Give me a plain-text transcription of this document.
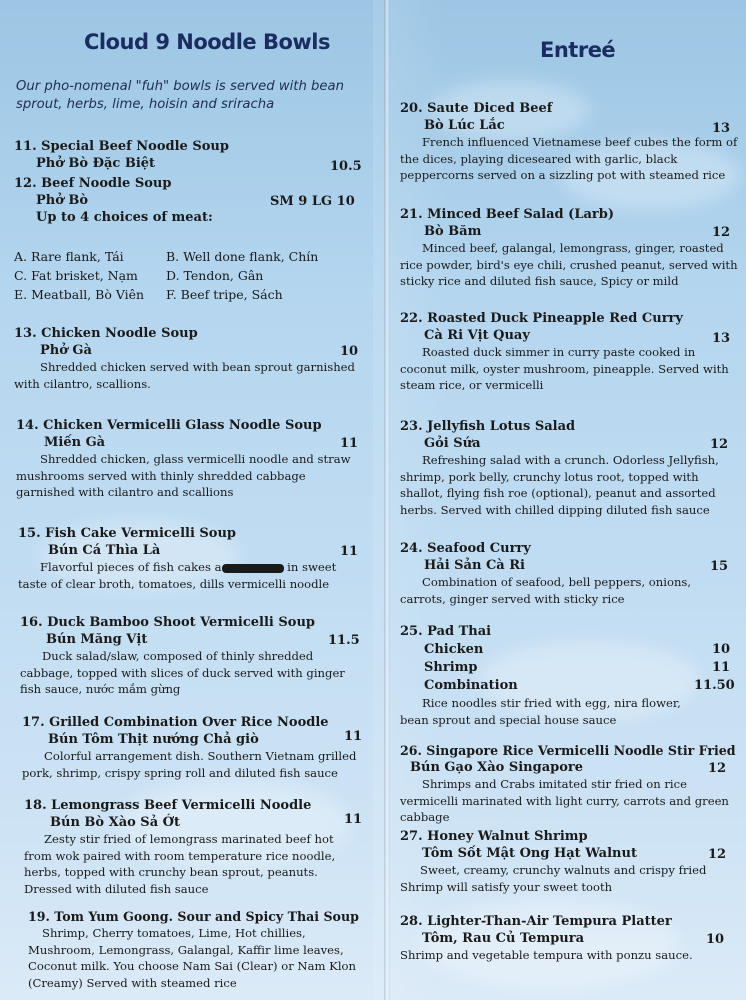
Cloud 9 Noodle Bowls
Our pho-nomenal "fuh" bowls is served with bean sprout, herbs, lime, hoisin and sriracha
11. Special Beef Noodle Soup
Phở Bò Đặc Biệt	10.5
12. Beef Noodle Soup
Phở Bò
Up to 4 choices of meat:
SM 9 LG 10
A. Rare flank, Tái	B. Well done flank, Chín
C. Fat brisket, Nạm D. Tendon, Gân
E. Meatball, Bò Viên F. Beef tripe, Sách
13. Chicken Noodle Soup
Phở Gà	10
Shredded chicken served with bean sprout garnished with cilantro, scallions.
14. Chicken Vermicelli Glass Noodle Soup
Miến Gà	11
Shredded chicken, glass vermicelli noodle and straw mushrooms served with thinly shredded cabbage garnished with cilantro and scallions
15. Fish Cake Vermicelli Soup
Bún Cá Thìa Là	11
Flavorful pieces of fish cakes a	in sweet taste of clear broth, tomatoes, dills vermicelli noodle
16. Duck Bamboo Shoot Vermicelli Soup
Bún Măng Vịt	11.5
Duck salad/slaw, composed of thinly shredded cabbage, topped with slices of duck served with ginger fish sauce, nước mắm gừng
17. Grilled Combination Over Rice Noodle
Bún Tôm Thịt nướng Chả giò	11
Colorful arrangement dish. Southern Vietnam grilled pork, shrimp, crispy spring roll and diluted fish sauce
18. Lemongrass Beef Vermicelli Noodle
Bún Bò Xào Sả Ớt	11
Zesty stir fried of lemongrass marinated beef hot from wok paired with room temperature rice noodle, herbs, topped with crunchy bean sprout, peanuts. Dressed with diluted fish sauce
19. Tom Yum Goong. Sour and Spicy Thai Soup
Shrimp, Cherry tomatoes, Lime, Hot chillies, Mushroom, Lemongrass, Galangal, Kaffir lime leaves, Coconut milk. You choose Nam Sai (Clear) or Nam Klon (Creamy) Served with steamed rice
Entreé
20. Saute Diced Beef
Bò Lúc Lắc	13
French influenced Vietnamese beef cubes the form of the dices, playing diceseared with garlic, black peppercorns served on a sizzling pot with steamed rice
21. Minced Beef Salad (Larb)
Bò Băm	12
Minced beef, galangal, lemongrass, ginger, roasted rice powder, bird's eye chili, crushed peanut, served with sticky rice and diluted fish sauce, Spicy or mild
22. Roasted Duck Pineapple Red Curry
Cà Ri Vịt Quay	13
Roasted duck simmer in curry paste cooked in coconut milk, oyster mushroom, pineapple. Served with steam rice, or vermicelli
23. Jellyfish Lotus Salad
Gỏi Sứa	12
Refreshing salad with a crunch. Odorless Jellyfish, shrimp, pork belly, crunchy lotus root, topped with shallot, flying fish roe (optional), peanut and assorted herbs. Served with chilled dipping diluted fish sauce
24. Seafood Curry
Hải Sản Cà Ri	15
Combination of seafood, bell peppers, onions, carrots, ginger served with sticky rice
25. Pad Thai
Chicken	10
Shrimp	11
Combination	11.50
Rice noodles stir fried with egg, nira flower, bean sprout and special house sauce
26. Singapore Rice Vermicelli Noodle Stir Fried
Bún Gạo Xào Singapore	12
Shrimps and Crabs imitated stir fried on rice vermicelli marinated with light curry, carrots and green cabbage
27. Honey Walnut Shrimp
Tôm Sốt Mật Ong Hạt Walnut	12
Sweet, creamy, crunchy walnuts and crispy fried Shrimp will satisfy your sweet tooth
28. Lighter-Than-Air Tempura Platter
Tôm, Rau Củ Tempura	10
Shrimp and vegetable tempura with ponzu sauce.
